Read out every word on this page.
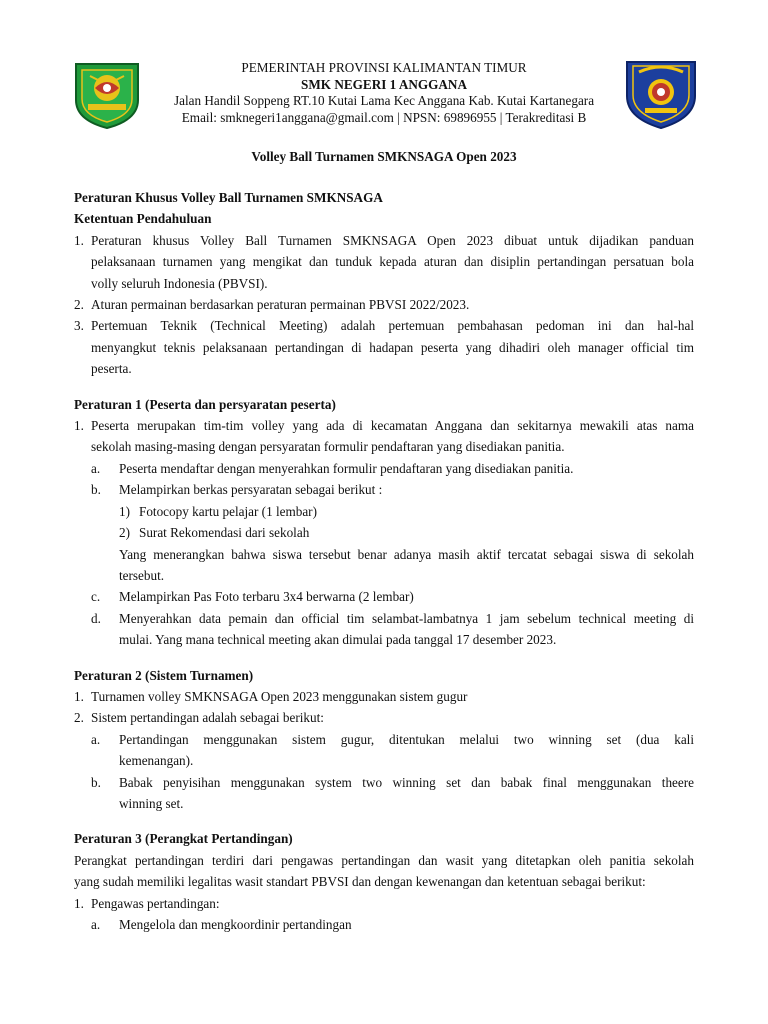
PEMERINTAH PROVINSI KALIMANTAN TIMUR
SMK NEGERI 1 ANGGANA
Jalan Handil Soppeng RT.10 Kutai Lama Kec Anggana Kab. Kutai Kartanegara
Email: smknegeri1anggana@gmail.com | NPSN: 69896955 | Terakreditasi B
Volley Ball Turnamen SMKNSAGA Open 2023
Peraturan Khusus Volley Ball Turnamen SMKNSAGA
Ketentuan Pendahuluan
1. Peraturan khusus Volley Ball Turnamen SMKNSAGA Open 2023 dibuat untuk dijadikan panduan
pelaksanaan turnamen yang mengikat dan tunduk kepada aturan dan disiplin pertandingan persatuan bola
volly seluruh Indonesia (PBVSI).
2. Aturan permainan berdasarkan peraturan permainan PBVSI 2022/2023.
3. Pertemuan Teknik (Technical Meeting) adalah pertemuan pembahasan pedoman ini dan hal-hal
menyangkut teknis pelaksanaan pertandingan di hadapan peserta yang dihadiri oleh manager official tim
peserta.
Peraturan 1 (Peserta dan persyaratan peserta)
1. Peserta merupakan tim-tim volley yang ada di kecamatan Anggana dan sekitarnya mewakili atas nama
sekolah masing-masing dengan persyaratan formulir pendaftaran yang disediakan panitia.
a.	Peserta mendaftar dengan menyerahkan formulir pendaftaran yang disediakan panitia.
b.	Melampirkan berkas persyaratan sebagai berikut :
1) Fotocopy kartu pelajar (1 lembar)
2) Surat Rekomendasi dari sekolah
Yang menerangkan bahwa siswa tersebut benar adanya masih aktif tercatat sebagai siswa di sekolah
tersebut.
c.	Melampirkan Pas Foto terbaru 3x4 berwarna (2 lembar)
d.	Menyerahkan data pemain dan official tim selambat-lambatnya 1 jam sebelum technical meeting di
mulai. Yang mana technical meeting akan dimulai pada tanggal 17 desember 2023.
Peraturan 2 (Sistem Turnamen)
1. Turnamen volley SMKNSAGA Open 2023 menggunakan sistem gugur
2. Sistem pertandingan adalah sebagai berikut:
a.	Pertandingan menggunakan sistem gugur, ditentukan melalui two winning set (dua kali
kemenangan).
b.	Babak penyisihan menggunakan system two winning set dan babak final menggunakan theere
winning set.
Peraturan 3 (Perangkat Pertandingan)
Perangkat pertandingan terdiri dari pengawas pertandingan dan wasit yang ditetapkan oleh panitia sekolah
yang sudah memiliki legalitas wasit standart PBVSI dan dengan kewenangan dan ketentuan sebagai berikut:
1. Pengawas pertandingan:
a.	Mengelola dan mengkoordinir pertandingan
